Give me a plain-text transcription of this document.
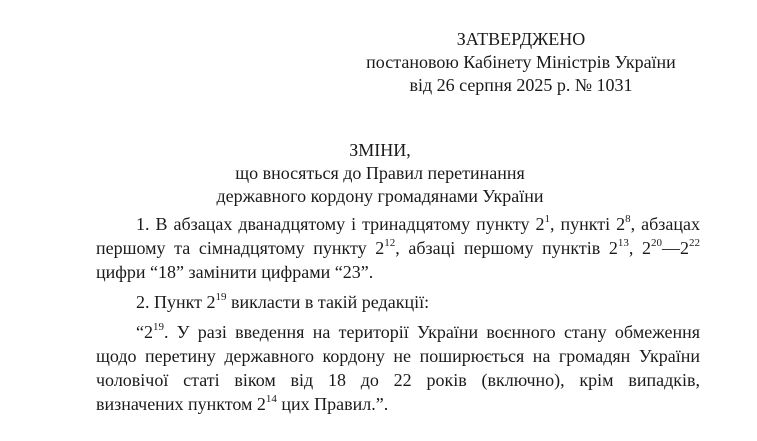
ЗАТВЕРДЖЕНО
постановою Кабінету Міністрів України
від 26 серпня 2025 р. № 1031
ЗМІНИ,
що вносяться до Правил перетинання
державного кордону громадянами України
1. В абзацах дванадцятому і тринадцятому пункту $2^1$, пункті $2^8$, абзацах
першому та сімнадцятому пункту $2^{12}$, абзаці першому пунктів $2^{13}$, $2^{20}—2^{22}$
цифри “18” замінити цифрами “23”.
2. Пункт $2^{19}$ викласти в такій редакції:
“$2^{19}$. У разі введення на території України воєнного стану обмеження
щодо перетину державного кордону не поширюється на громадян України
чоловічої статі віком від 18 до 22 років (включно), крім випадків,
визначених пунктом $2^{14}$ цих Правил.”.
